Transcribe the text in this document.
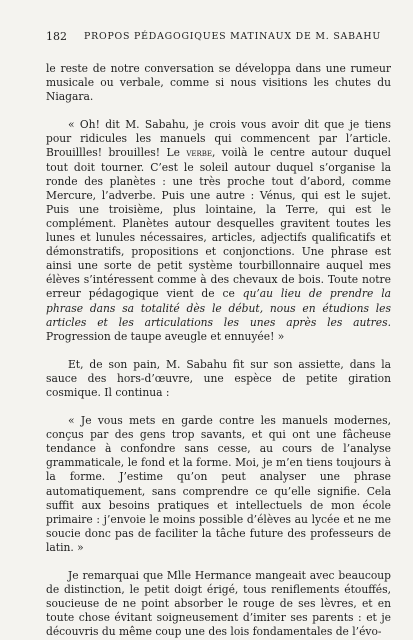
182 PROPOS PÉDAGOGIQUES MATINAUX DE M. SABAHU

le reste de notre conversation se développa dans une rumeur musicale ou verbale, comme si nous visitions les chutes du Niagara.

« Oh! dit M. Sabahu, je crois vous avoir dit que je tiens pour ridicules les manuels qui commencent par l’article. Brouillles! brouilles! Le verbe, voilà le centre autour duquel tout doit tourner. C’est le soleil autour duquel s’organise la ronde des planètes : une très proche tout d’abord, comme Mercure, l’adverbe. Puis une autre : Vénus, qui est le sujet. Puis une troisième, plus lointaine, la Terre, qui est le complément. Planètes autour desquelles gravitent toutes les lunes et lunules nécessaires, articles, adjectifs qualificatifs et démonstratifs, propositions et conjonctions. Une phrase est ainsi une sorte de petit système tourbillonnaire auquel mes élèves s’intéressent comme à des chevaux de bois. Toute notre erreur pédagogique vient de ce qu’au lieu de prendre la phrase dans sa totalité dès le début, nous en étudions les articles et les articulations les unes après les autres. Progression de taupe aveugle et ennuyée! »

Et, de son pain, M. Sabahu fit sur son assiette, dans la sauce des hors-d’œuvre, une espèce de petite giration cosmique. Il continua :

« Je vous mets en garde contre les manuels modernes, conçus par des gens trop savants, et qui ont une fâcheuse tendance à confondre sans cesse, au cours de l’analyse grammaticale, le fond et la forme. Moi, je m’en tiens toujours à la forme. J’estime qu’on peut analyser une phrase automatiquement, sans comprendre ce qu’elle signifie. Cela suffit aux besoins pratiques et intellectuels de mon école primaire : j’envoie le moins possible d’élèves au lycée et ne me soucie donc pas de faciliter la tâche future des professeurs de latin. »

Je remarquai que Mlle Hermance mangeait avec beaucoup de distinction, le petit doigt érigé, tous reniflements étouffés, soucieuse de ne point absorber le rouge de ses lèvres, et en toute chose évitant soigneusement d’imiter ses parents : et je découvris du même coup une des lois fondamentales de l’évo-
